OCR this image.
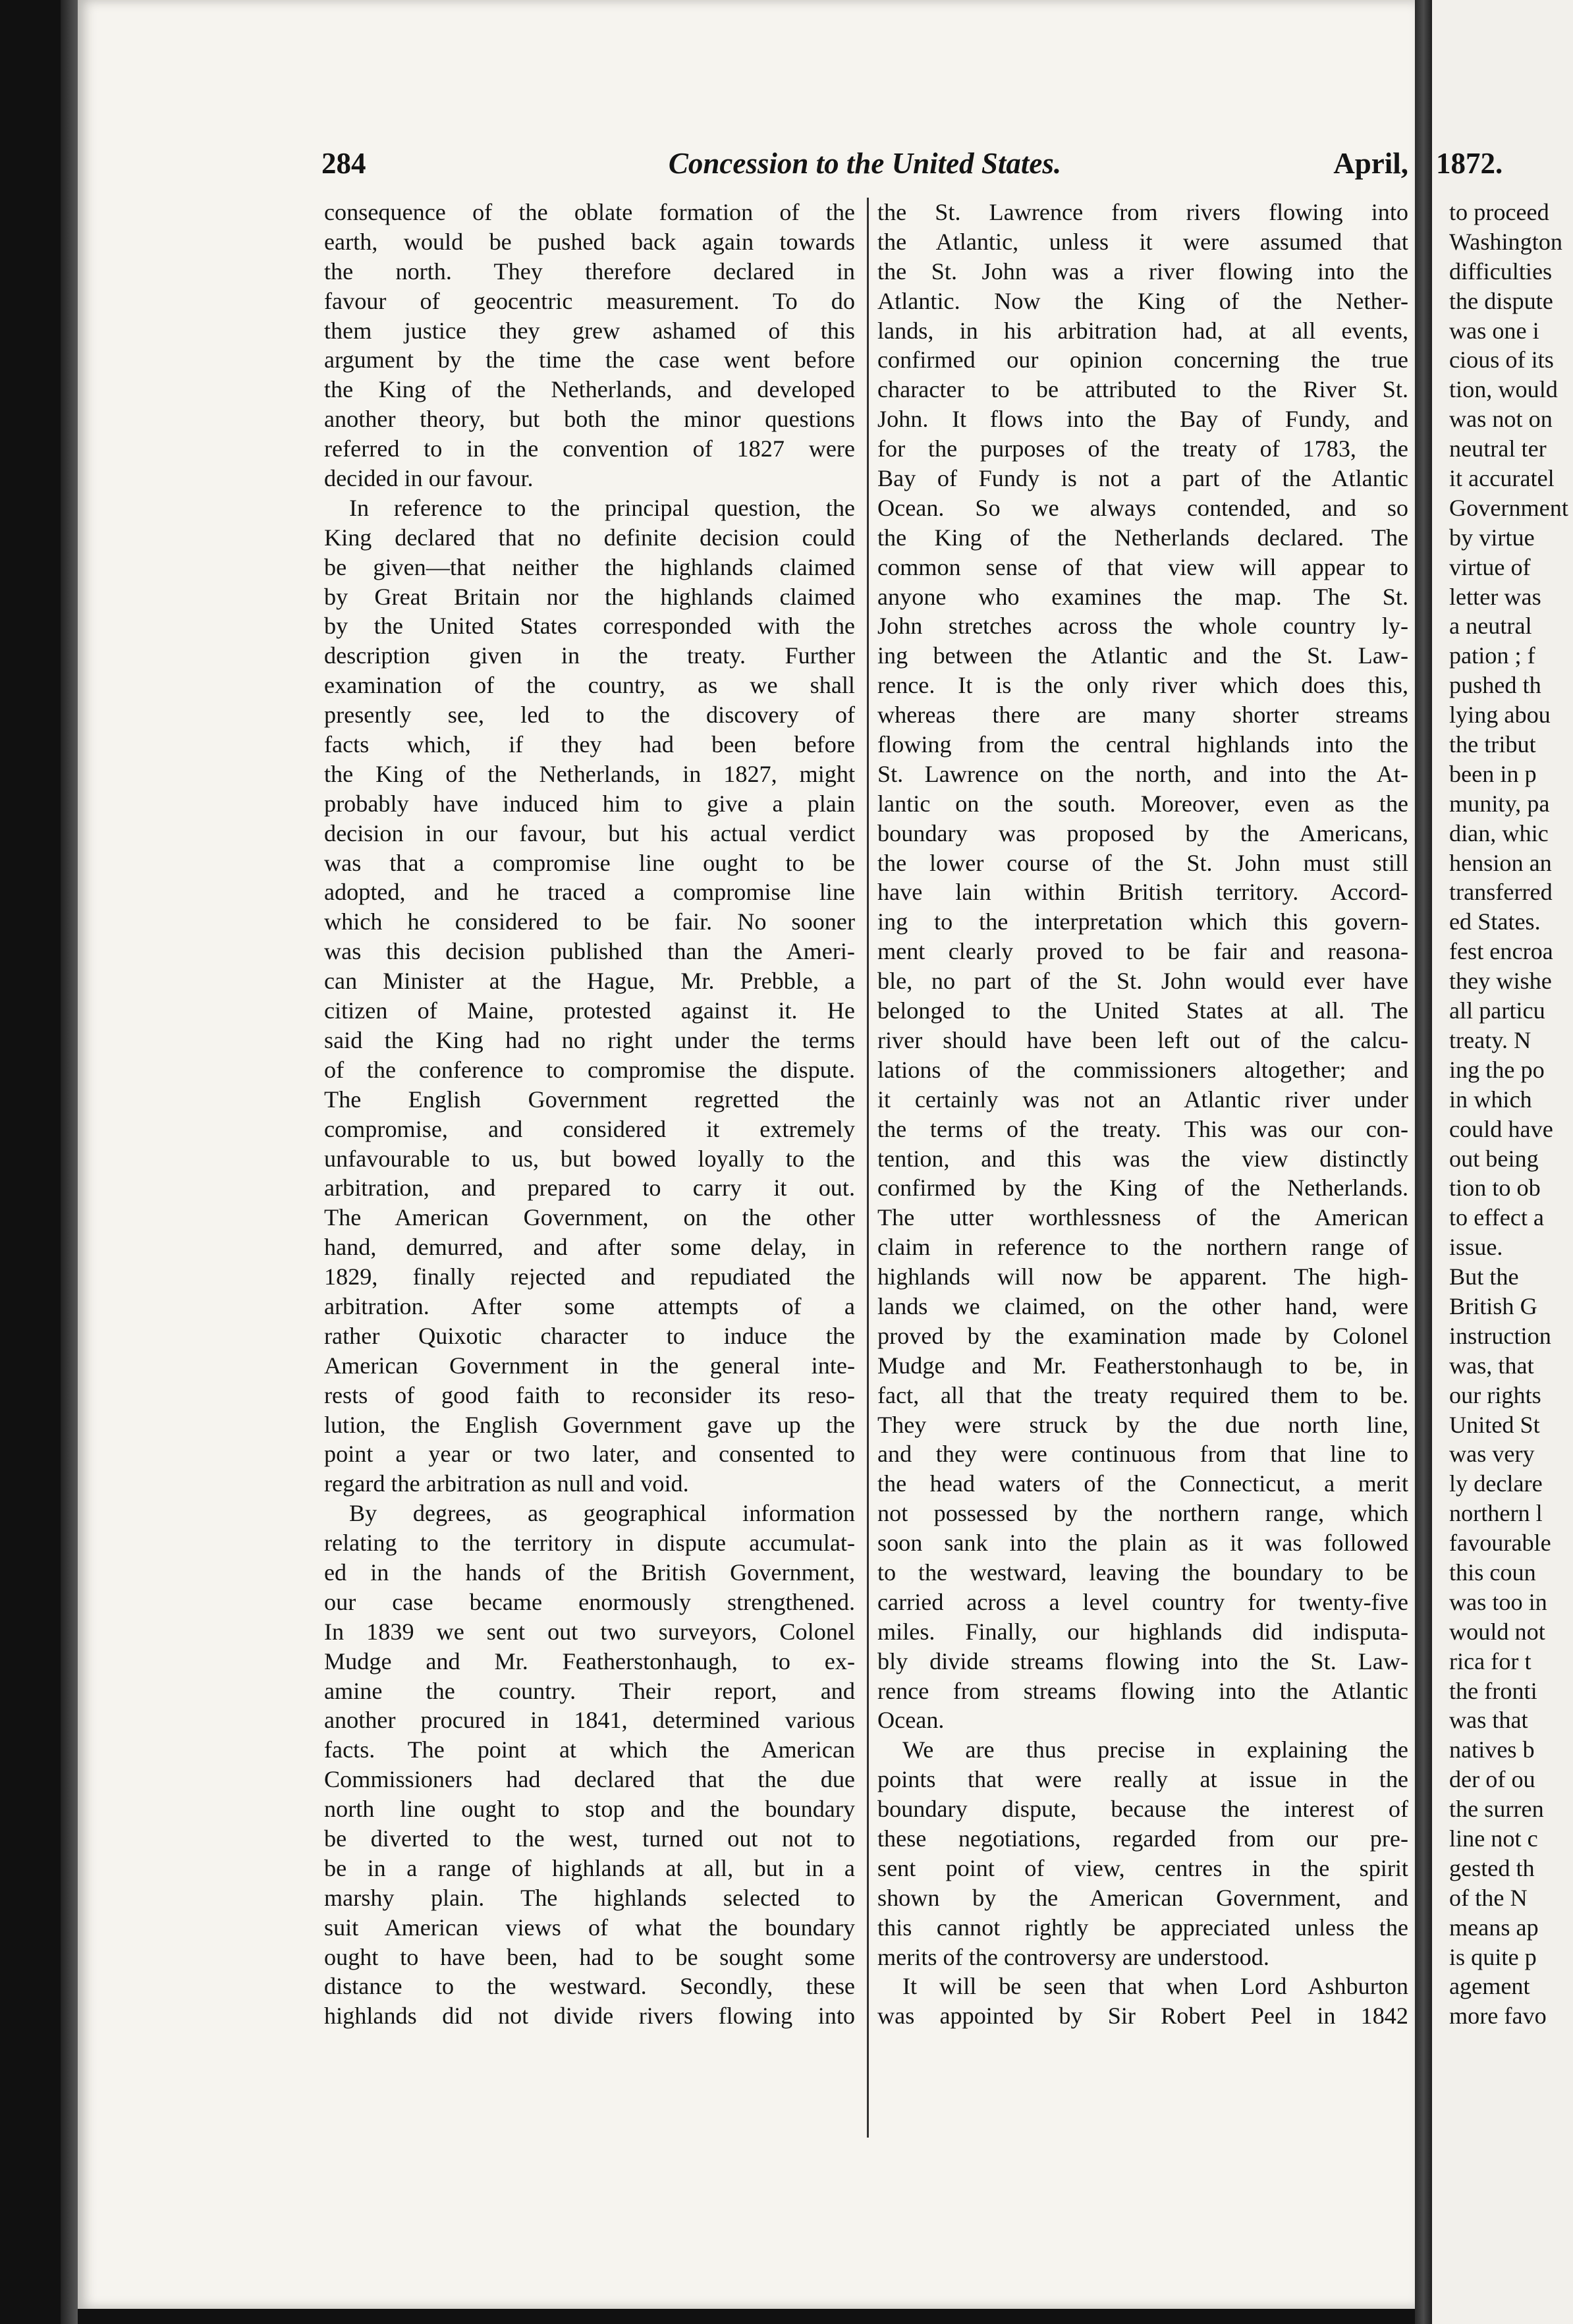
284	Concession to the United States.	April,
consequence of the oblate formation of the
earth, would be pushed back again towards
the north. They therefore declared in
favour of geocentric measurement. To do
them justice they grew ashamed of this
argument by the time the case went before
the King of the Netherlands, and developed
another theory, but both the minor questions
referred to in the convention of 1827 were
decided in our favour.
In reference to the principal question, the
King declared that no definite decision could
be given—that neither the highlands claimed
by Great Britain nor the highlands claimed
by the United States corresponded with the
description given in the treaty. Further
examination of the country, as we shall
presently see, led to the discovery of
facts which, if they had been before
the King of the Netherlands, in 1827, might
probably have induced him to give a plain
decision in our favour, but his actual verdict
was that a compromise line ought to be
adopted, and he traced a compromise line
which he considered to be fair. No sooner
was this decision published than the Ameri-
can Minister at the Hague, Mr. Prebble, a
citizen of Maine, protested against it. He
said the King had no right under the terms
of the conference to compromise the dispute.
The English Government regretted the
compromise, and considered it extremely
unfavourable to us, but bowed loyally to the
arbitration, and prepared to carry it out.
The American Government, on the other
hand, demurred, and after some delay, in
1829, finally rejected and repudiated the
arbitration. After some attempts of a
rather Quixotic character to induce the
American Government in the general inte-
rests of good faith to reconsider its reso-
lution, the English Government gave up the
point a year or two later, and consented to
regard the arbitration as null and void.
By degrees, as geographical information
relating to the territory in dispute accumulat-
ed in the hands of the British Government,
our case became enormously strengthened.
In 1839 we sent out two surveyors, Colonel
Mudge and Mr. Featherstonhaugh, to ex-
amine the country. Their report, and
another procured in 1841, determined various
facts. The point at which the American
Commissioners had declared that the due
north line ought to stop and the boundary
be diverted to the west, turned out not to
be in a range of highlands at all, but in a
marshy plain. The highlands selected to
suit American views of what the boundary
ought to have been, had to be sought some
distance to the westward. Secondly, these
highlands did not divide rivers flowing into
the St. Lawrence from rivers flowing into
the Atlantic, unless it were assumed that
the St. John was a river flowing into the
Atlantic. Now the King of the Nether-
lands, in his arbitration had, at all events,
confirmed our opinion concerning the true
character to be attributed to the River St.
John. It flows into the Bay of Fundy, and
for the purposes of the treaty of 1783, the
Bay of Fundy is not a part of the Atlantic
Ocean. So we always contended, and so
the King of the Netherlands declared. The
common sense of that view will appear to
anyone who examines the map. The St.
John stretches across the whole country ly-
ing between the Atlantic and the St. Law-
rence. It is the only river which does this,
whereas there are many shorter streams
flowing from the central highlands into the
St. Lawrence on the north, and into the At-
lantic on the south. Moreover, even as the
boundary was proposed by the Americans,
the lower course of the St. John must still
have lain within British territory. Accord-
ing to the interpretation which this govern-
ment clearly proved to be fair and reasona-
ble, no part of the St. John would ever have
belonged to the United States at all. The
river should have been left out of the calcu-
lations of the commissioners altogether; and
it certainly was not an Atlantic river under
the terms of the treaty. This was our con-
tention, and this was the view distinctly
confirmed by the King of the Netherlands.
The utter worthlessness of the American
claim in reference to the northern range of
highlands will now be apparent. The high-
lands we claimed, on the other hand, were
proved by the examination made by Colonel
Mudge and Mr. Featherstonhaugh to be, in
fact, all that the treaty required them to be.
They were struck by the due north line,
and they were continuous from that line to
the head waters of the Connecticut, a merit
not possessed by the northern range, which
soon sank into the plain as it was followed
to the westward, leaving the boundary to be
carried across a level country for twenty-five
miles. Finally, our highlands did indisputa-
bly divide streams flowing into the St. Law-
rence from streams flowing into the Atlantic
Ocean.
We are thus precise in explaining the
points that were really at issue in the
boundary dispute, because the interest of
these negotiations, regarded from our pre-
sent point of view, centres in the spirit
shown by the American Government, and
this cannot rightly be appreciated unless the
merits of the controversy are understood.
It will be seen that when Lord Ashburton
was appointed by Sir Robert Peel in 1842
1872.
to proceed
Washington
difficulties
the dispute
was one i
cious of its
tion, would
was not on
neutral ter
it accuratel
Government
by virtue
virtue of
letter was
a neutral
pation ; f
pushed th
lying abou
the tribut
been in p
munity, pa
dian, whic
hension an
transferred
ed States.
fest encroa
they wishe
all particu
treaty. N
ing the po
in which
could have
out being
tion to ob
to effect a
issue.
But the
British G
instruction
was, that
our rights
United St
was very
ly declare
northern l
favourable
this coun
was too in
would not
rica for t
the fronti
was that
natives b
der of ou
the surren
line not c
gested th
of the N
means ap
is quite p
agement
more favo
